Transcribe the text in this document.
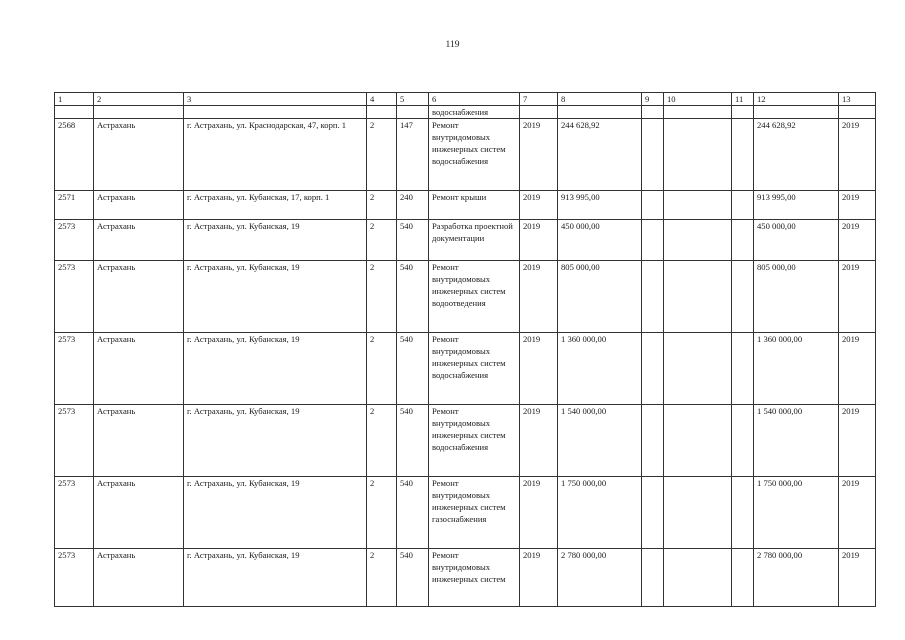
119
1	2	3	4	5	6	7	8	9	10	11	12	13
					водоснабжения							
2568	Астрахань	г. Астрахань, ул. Краснодарская, 47, корп. 1	2	147	Ремонт внутридомовых инженерных систем водоснабжения	2019	244 628,92				244 628,92	2019
2571	Астрахань	г. Астрахань, ул. Кубанская, 17, корп. 1	2	240	Ремонт крыши	2019	913 995,00				913 995,00	2019
2573	Астрахань	г. Астрахань, ул. Кубанская, 19	2	540	Разработка проектной документации	2019	450 000,00				450 000,00	2019
2573	Астрахань	г. Астрахань, ул. Кубанская, 19	2	540	Ремонт внутридомовых инженерных систем водоотведения	2019	805 000,00				805 000,00	2019
2573	Астрахань	г. Астрахань, ул. Кубанская, 19	2	540	Ремонт внутридомовых инженерных систем водоснабжения	2019	1 360 000,00				1 360 000,00	2019
2573	Астрахань	г. Астрахань, ул. Кубанская, 19	2	540	Ремонт внутридомовых инженерных систем водоснабжения	2019	1 540 000,00				1 540 000,00	2019
2573	Астрахань	г. Астрахань, ул. Кубанская, 19	2	540	Ремонт внутридомовых инженерных систем газоснабжения	2019	1 750 000,00				1 750 000,00	2019
2573	Астрахань	г. Астрахань, ул. Кубанская, 19	2	540	Ремонт внутридомовых инженерных систем	2019	2 780 000,00				2 780 000,00	2019
